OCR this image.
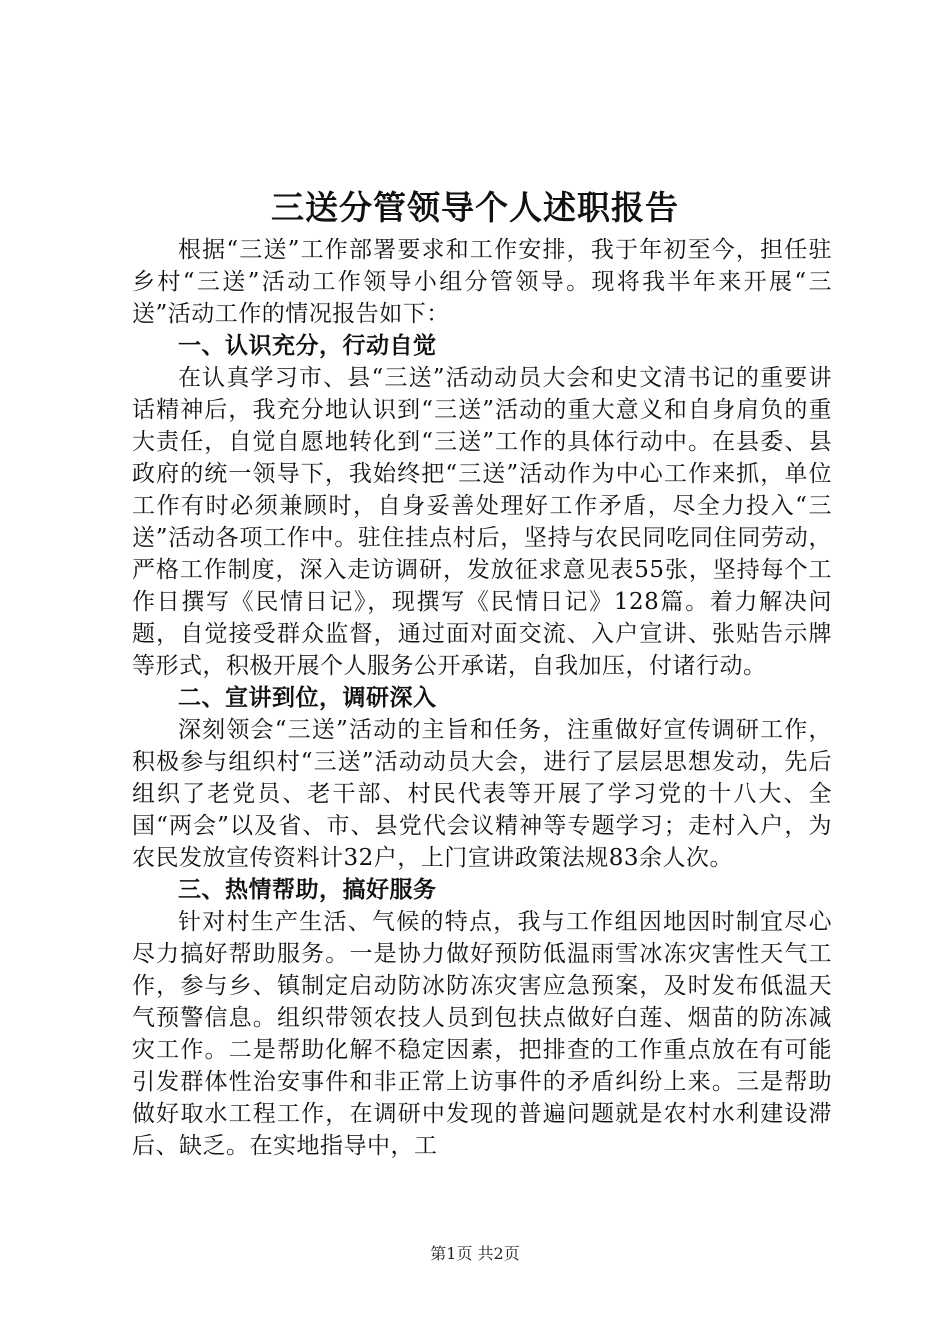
三送分管领导个人述职报告

根据“三送”工作部署要求和工作安排，我于年初至今，担任驻乡村“三送”活动工作领导小组分管领导。现将我半年来开展“三送”活动工作的情况报告如下：

一、认识充分，行动自觉

在认真学习市、县“三送”活动动员大会和史文清书记的重要讲话精神后，我充分地认识到“三送”活动的重大意义和自身肩负的重大责任，自觉自愿地转化到“三送”工作的具体行动中。在县委、县政府的统一领导下，我始终把“三送”活动作为中心工作来抓，单位工作有时必须兼顾时，自身妥善处理好工作矛盾，尽全力投入“三送”活动各项工作中。驻住挂点村后，坚持与农民同吃同住同劳动，严格工作制度，深入走访调研，发放征求意见表55张，坚持每个工作日撰写《民情日记》，现撰写《民情日记》128篇。着力解决问题，自觉接受群众监督，通过面对面交流、入户宣讲、张贴告示牌等形式，积极开展个人服务公开承诺，自我加压，付诸行动。

二、宣讲到位，调研深入

深刻领会“三送”活动的主旨和任务，注重做好宣传调研工作，积极参与组织村“三送”活动动员大会，进行了层层思想发动，先后组织了老党员、老干部、村民代表等开展了学习党的十八大、全国“两会”以及省、市、县党代会议精神等专题学习；走村入户，为农民发放宣传资料计32户，上门宣讲政策法规83余人次。

三、热情帮助，搞好服务

针对村生产生活、气候的特点，我与工作组因地因时制宜尽心尽力搞好帮助服务。一是协力做好预防低温雨雪冰冻灾害性天气工作，参与乡、镇制定启动防冰防冻灾害应急预案，及时发布低温天气预警信息。组织带领农技人员到包扶点做好白莲、烟苗的防冻减灾工作。二是帮助化解不稳定因素，把排查的工作重点放在有可能引发群体性治安事件和非正常上访事件的矛盾纠纷上来。三是帮助做好取水工程工作，在调研中发现的普遍问题就是农村水利建设滞后、缺乏。在实地指导中，工

第1页 共2页
